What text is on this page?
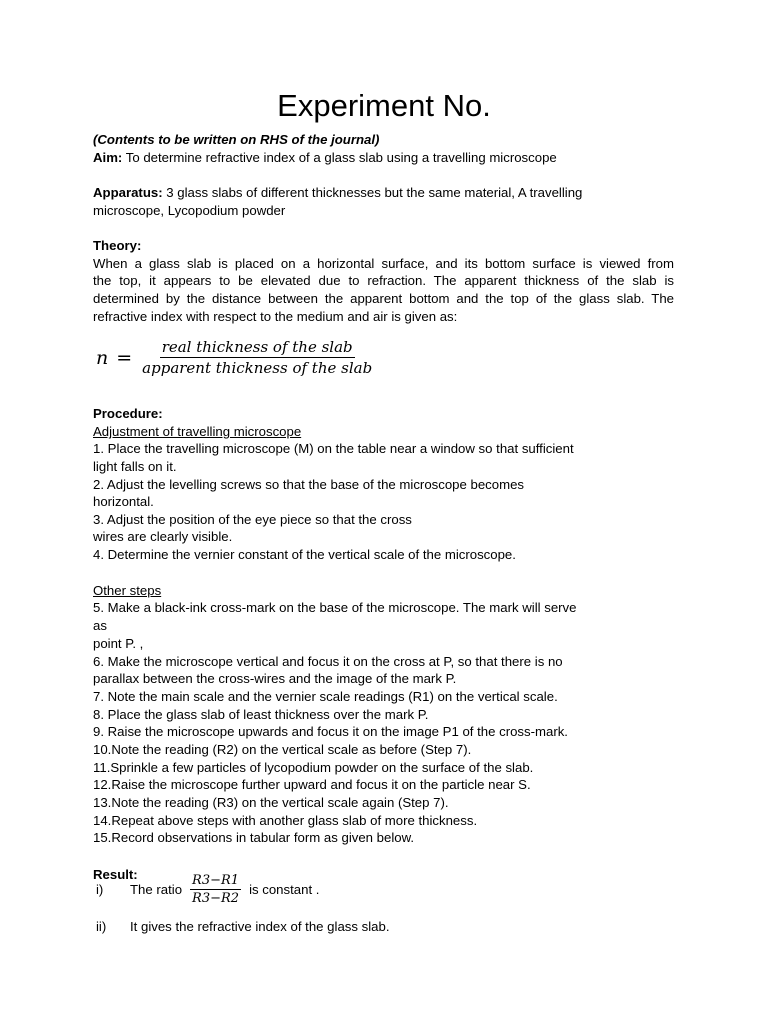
Experiment No.
(Contents to be written on RHS of the journal)
Aim: To determine refractive index of a glass slab using a travelling microscope
Apparatus: 3 glass slabs of different thicknesses but the same material, A travelling
microscope, Lycopodium powder
Theory:
When a glass slab is placed on a horizontal surface, and its bottom surface is viewed from
the top, it appears to be elevated due to refraction. The apparent thickness of the slab is
determined by the distance between the apparent bottom and the top of the glass slab. The
refractive index with respect to the medium and air is given as:
$n = \frac{\text{real thickness of the slab}}{\text{apparent thickness of the slab}}$
Procedure:
Adjustment of travelling microscope
1. Place the travelling microscope (M) on the table near a window so that sufficient
light falls on it.
2. Adjust the levelling screws so that the base of the microscope becomes
horizontal.
3. Adjust the position of the eye piece so that the cross
wires are clearly visible.
4. Determine the vernier constant of the vertical scale of the microscope.
Other steps
5. Make a black-ink cross-mark on the base of the microscope. The mark will serve
as
point P. ,
6. Make the microscope vertical and focus it on the cross at P, so that there is no
parallax between the cross-wires and the image of the mark P.
7. Note the main scale and the vernier scale readings (R1) on the vertical scale.
8. Place the glass slab of least thickness over the mark P.
9. Raise the microscope upwards and focus it on the image P1 of the cross-mark.
10.Note the reading (R2) on the vertical scale as before (Step 7).
11.Sprinkle a few particles of lycopodium powder on the surface of the slab.
12.Raise the microscope further upward and focus it on the particle near S.
13.Note the reading (R3) on the vertical scale again (Step 7).
14.Repeat above steps with another glass slab of more thickness.
15.Record observations in tabular form as given below.
Result:
i)	The ratio $\frac{R3-R1}{R3-R2}$ is constant .
ii)	It gives the refractive index of the glass slab.
